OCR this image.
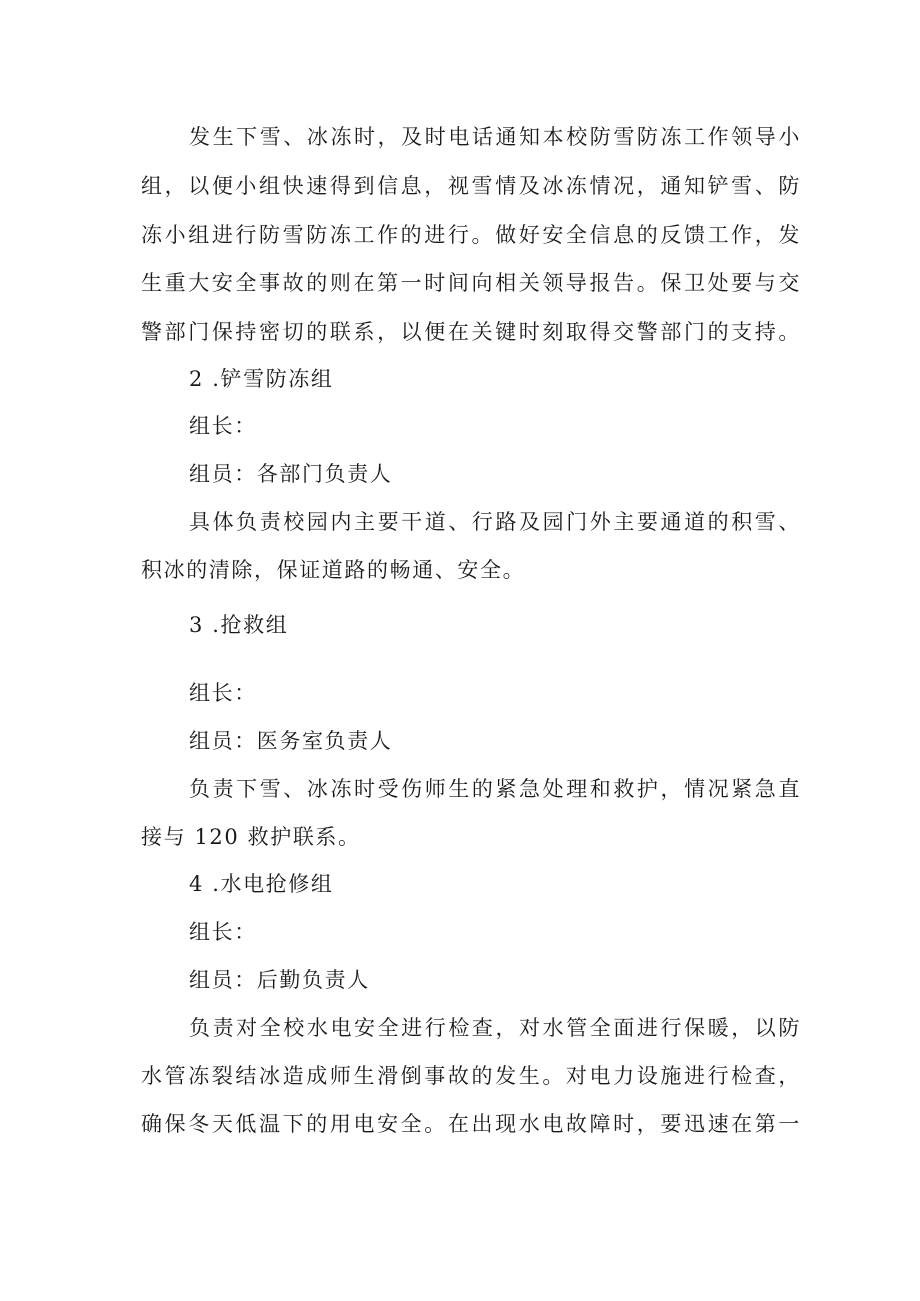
发生下雪、冰冻时，及时电话通知本校防雪防冻工作领导小
组，以便小组快速得到信息，视雪情及冰冻情况，通知铲雪、防
冻小组进行防雪防冻工作的进行。做好安全信息的反馈工作，发
生重大安全事故的则在第一时间向相关领导报告。保卫处要与交
警部门保持密切的联系，以便在关键时刻取得交警部门的支持。
2 .铲雪防冻组
组长：
组员：各部门负责人
具体负责校园内主要干道、行路及园门外主要通道的积雪、
积冰的清除，保证道路的畅通、安全。
3 .抢救组
组长：
组员：医务室负责人
负责下雪、冰冻时受伤师生的紧急处理和救护，情况紧急直
接与 120 救护联系。
4 .水电抢修组
组长：
组员：后勤负责人
负责对全校水电安全进行检查，对水管全面进行保暖，以防
水管冻裂结冰造成师生滑倒事故的发生。对电力设施进行检查，
确保冬天低温下的用电安全。在出现水电故障时，要迅速在第一
